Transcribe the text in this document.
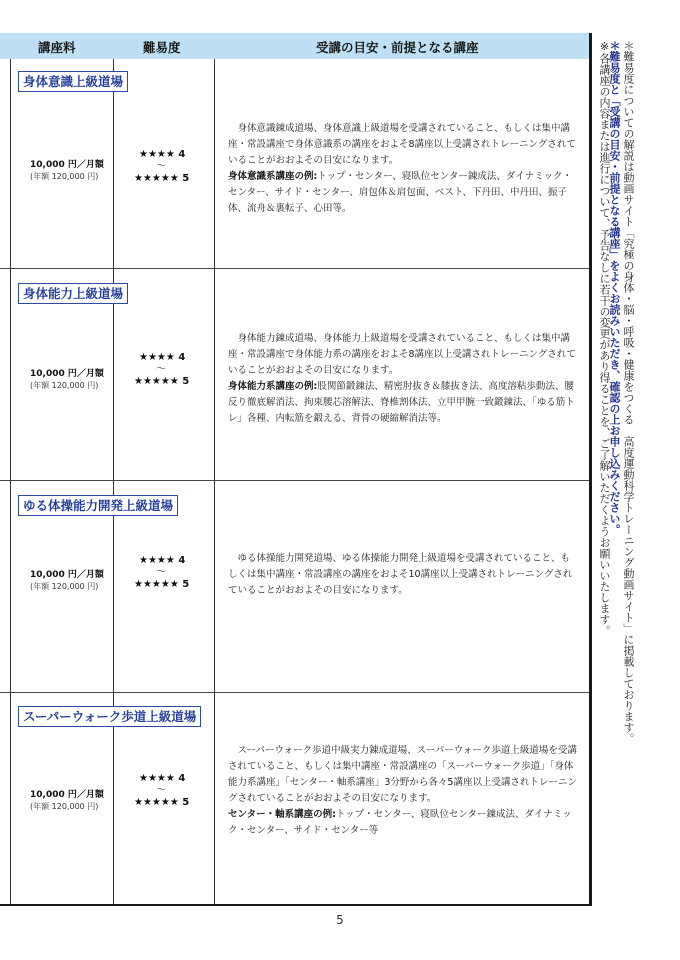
講座料	難易度	受講の目安・前提となる講座
身体意識上級道場
10,000 円／月額
(年額 120,000 円)
★★★★ 4
〜
★★★★★ 5

身体意識錬成道場、身体意識上級道場を受講されていること、もしくは集中講座・常設講座で身体意識系の講座をおよそ8講座以上受講されトレーニングされていることがおおよその目安になります。

身体意識系講座の例:トップ・センター、寝臥位センター錬成法、ダイナミック・センター、サイド・センター、肩包体＆肩包面、ベスト、下丹田、中丹田、振子体、流舟＆裏転子、心田等。

身体能力上級道場
10,000 円／月額
(年額 120,000 円)
★★★★ 4
〜
★★★★★ 5

身体能力錬成道場、身体能力上級道場を受講されていること、もしくは集中講座・常設講座で身体能力系の講座をおよそ8講座以上受講されトレーニングされていることがおおよその目安になります。

身体能力系講座の例:股関節鍛錬法、精密肘抜き＆膝抜き法、高度溶粘歩動法、腰反り徹底解消法、拘束腰芯溶解法、脊椎割体法、立甲甲腕一致鍛錬法、「ゆる筋トレ」各種、内転筋を鍛える、背骨の硬縮解消法等。

ゆる体操能力開発上級道場
10,000 円／月額
(年額 120,000 円)
★★★★ 4
〜
★★★★★ 5

ゆる体操能力開発道場、ゆる体操能力開発上級道場を受講されていること、もしくは集中講座・常設講座の講座をおよそ10講座以上受講されトレーニングされていることがおおよその目安になります。

スーパーウォーク歩道上級道場
10,000 円／月額
(年額 120,000 円)
★★★★ 4
〜
★★★★★ 5

スーパーウォーク歩道中級実力錬成道場、スーパーウォーク歩道上級道場を受講されていること、もしくは集中講座・常設講座の「スーパーウォーク歩道」「身体能力系講座」「センター・軸系講座」3分野から各々5講座以上受講されトレーニングされていることがおおよその目安になります。

センター・軸系講座の例:トップ・センター、寝臥位センター錬成法、ダイナミック・センター、サイド・センター等

＊難易度と「受講の目安・前提となる講座」をよくお読みいただき、確認の上お申し込みください。 ＊難易度についての解説は動画サイト「究極の身体・脳・呼吸・健康をつくる　高度運動科学トレーニング動画サイト」に掲載しております。
※各講座の内容または進行について、予告なしに若干の変更があり得ることを、ご了解いただくようお願いいたします。
5
